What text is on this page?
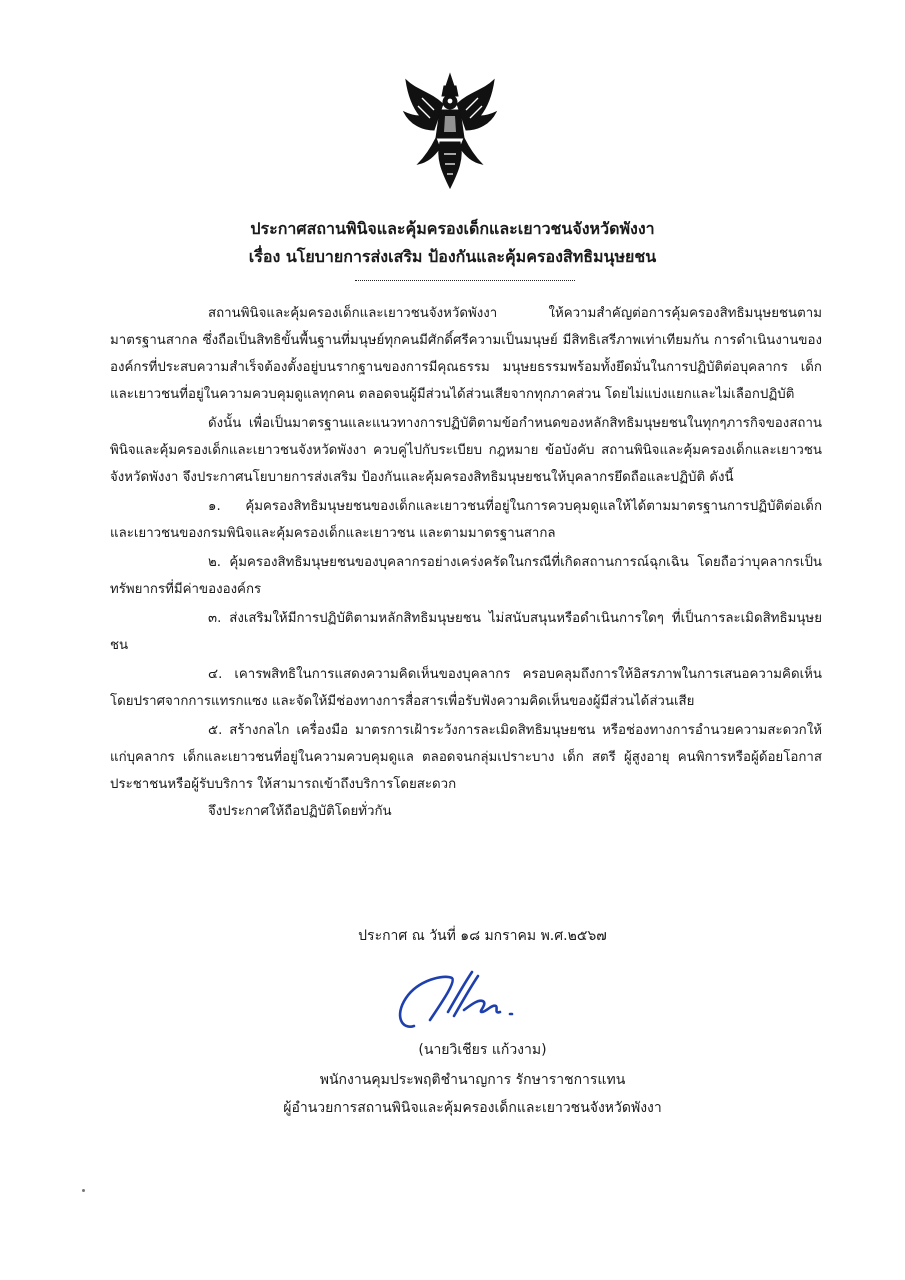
ประกาศสถานพินิจและคุ้มครองเด็กและเยาวชนจังหวัดพังงา
เรื่อง นโยบายการส่งเสริม ป้องกันและคุ้มครองสิทธิมนุษยชน

สถานพินิจและคุ้มครองเด็กและเยาวชนจังหวัดพังงา ให้ความสำคัญต่อการคุ้มครองสิทธิมนุษยชนตามมาตรฐานสากล ซึ่งถือเป็นสิทธิขั้นพื้นฐานที่มนุษย์ทุกคนมีศักดิ์ศรีความเป็นมนุษย์ มีสิทธิเสรีภาพเท่าเทียมกัน การดำเนินงานขององค์กรที่ประสบความสำเร็จต้องตั้งอยู่บนรากฐานของการมีคุณธรรม มนุษยธรรมพร้อมทั้งยึดมั่นในการปฏิบัติต่อบุคลากร เด็กและเยาวชนที่อยู่ในความควบคุมดูแลทุกคน ตลอดจนผู้มีส่วนได้ส่วนเสียจากทุกภาคส่วน โดยไม่แบ่งแยกและไม่เลือกปฏิบัติ

ดังนั้น เพื่อเป็นมาตรฐานและแนวทางการปฏิบัติตามข้อกำหนดของหลักสิทธิมนุษยชนในทุกๆภารกิจของสถานพินิจและคุ้มครองเด็กและเยาวชนจังหวัดพังงา ควบคู่ไปกับระเบียบ กฎหมาย ข้อบังคับ สถานพินิจและคุ้มครองเด็กและเยาวชนจังหวัดพังงา จึงประกาศนโยบายการส่งเสริม ป้องกันและคุ้มครองสิทธิมนุษยชนให้บุคลากรยึดถือและปฏิบัติ ดังนี้

๑. คุ้มครองสิทธิมนุษยชนของเด็กและเยาวชนที่อยู่ในการควบคุมดูแลให้ได้ตามมาตรฐานการปฏิบัติต่อเด็กและเยาวชนของกรมพินิจและคุ้มครองเด็กและเยาวชน และตามมาตรฐานสากล

๒. คุ้มครองสิทธิมนุษยชนของบุคลากรอย่างเคร่งครัดในกรณีที่เกิดสถานการณ์ฉุกเฉิน โดยถือว่าบุคลากรเป็นทรัพยากรที่มีค่าขององค์กร

๓. ส่งเสริมให้มีการปฏิบัติตามหลักสิทธิมนุษยชน ไม่สนับสนุนหรือดำเนินการใดๆ ที่เป็นการละเมิดสิทธิมนุษยชน

๔. เคารพสิทธิในการแสดงความคิดเห็นของบุคลากร ครอบคลุมถึงการให้อิสรภาพในการเสนอความคิดเห็นโดยปราศจากการแทรกแซง และจัดให้มีช่องทางการสื่อสารเพื่อรับฟังความคิดเห็นของผู้มีส่วนได้ส่วนเสีย

๕. สร้างกลไก เครื่องมือ มาตรการเฝ้าระวังการละเมิดสิทธิมนุษยชน หรือช่องทางการอำนวยความสะดวกให้แก่บุคลากร เด็กและเยาวชนที่อยู่ในความควบคุมดูแล ตลอดจนกลุ่มเปราะบาง เด็ก สตรี ผู้สูงอายุ คนพิการหรือผู้ด้อยโอกาส ประชาชนหรือผู้รับบริการ ให้สามารถเข้าถึงบริการโดยสะดวก

จึงประกาศให้ถือปฏิบัติโดยทั่วกัน

ประกาศ ณ วันที่ ๑๘ มกราคม พ.ศ.๒๕๖๗
(นายวิเชียร แก้วงาม)
พนักงานคุมประพฤติชำนาญการ รักษาราชการแทน
ผู้อำนวยการสถานพินิจและคุ้มครองเด็กและเยาวชนจังหวัดพังงา
